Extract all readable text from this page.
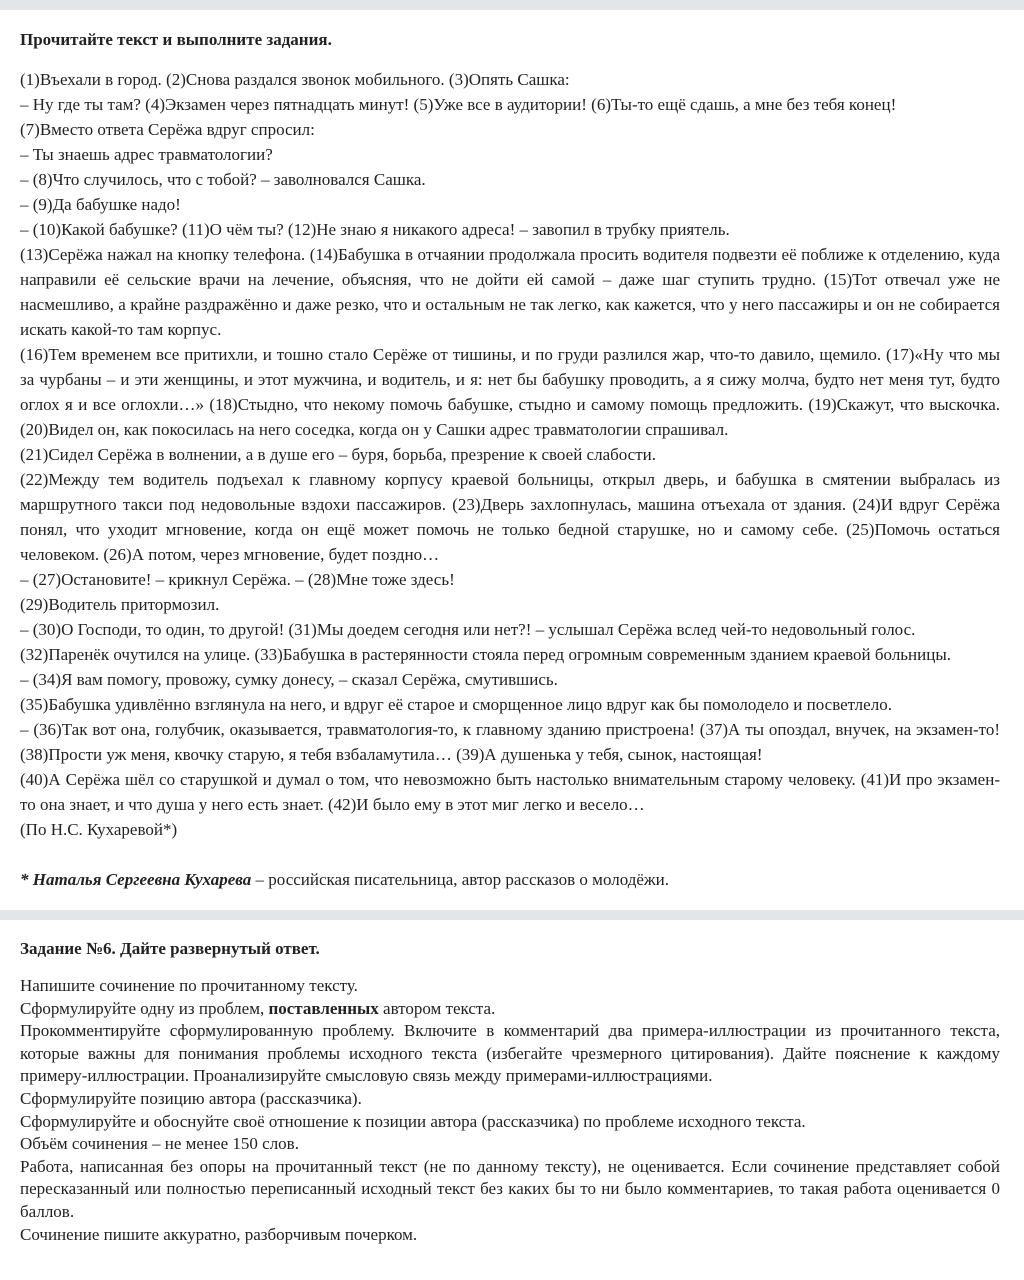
Прочитайте текст и выполните задания.

(1)Въехали в город. (2)Снова раздался звонок мобильного. (3)Опять Сашка:

– Ну где ты там? (4)Экзамен через пятнадцать минут! (5)Уже все в аудитории! (6)Ты-то ещё сдашь, а мне без тебя конец!

(7)Вместо ответа Серёжа вдруг спросил:

– Ты знаешь адрес травматологии?

– (8)Что случилось, что с тобой? – заволновался Сашка.

– (9)Да бабушке надо!

– (10)Какой бабушке? (11)О чём ты? (12)Не знаю я никакого адреса! – завопил в трубку приятель.

(13)Серёжа нажал на кнопку телефона. (14)Бабушка в отчаянии продолжала просить водителя подвезти её поближе к отделению, куда направили её сельские врачи на лечение, объясняя, что не дойти ей самой – даже шаг ступить трудно. (15)Тот отвечал уже не насмешливо, а крайне раздражённо и даже резко, что и остальным не так легко, как кажется, что у него пассажиры и он не собирается искать какой-то там корпус.

(16)Тем временем все притихли, и тошно стало Серёже от тишины, и по груди разлился жар, что-то давило, щемило. (17)«Ну что мы за чурбаны – и эти женщины, и этот мужчина, и водитель, и я: нет бы бабушку проводить, а я сижу молча, будто нет меня тут, будто оглох я и все оглохли…» (18)Стыдно, что некому помочь бабушке, стыдно и самому помощь предложить. (19)Скажут, что выскочка. (20)Видел он, как покосилась на него соседка, когда он у Сашки адрес травматологии спрашивал.

(21)Сидел Серёжа в волнении, а в душе его – буря, борьба, презрение к своей слабости.

(22)Между тем водитель подъехал к главному корпусу краевой больницы, открыл дверь, и бабушка в смятении выбралась из маршрутного такси под недовольные вздохи пассажиров. (23)Дверь захлопнулась, машина отъехала от здания. (24)И вдруг Серёжа понял, что уходит мгновение, когда он ещё может помочь не только бедной старушке, но и самому себе. (25)Помочь остаться человеком. (26)А потом, через мгновение, будет поздно…

– (27)Остановите! – крикнул Серёжа. – (28)Мне тоже здесь!

(29)Водитель притормозил.

– (30)О Господи, то один, то другой! (31)Мы доедем сегодня или нет?! – услышал Серёжа вслед чей-то недовольный голос.

(32)Паренёк очутился на улице. (33)Бабушка в растерянности стояла перед огромным современным зданием краевой больницы.

– (34)Я вам помогу, провожу, сумку донесу, – сказал Серёжа, смутившись.

(35)Бабушка удивлённо взглянула на него, и вдруг её старое и сморщенное лицо вдруг как бы помолодело и посветлело.

– (36)Так вот она, голубчик, оказывается, травматология-то, к главному зданию пристроена! (37)А ты опоздал, внучек, на экзамен-то! (38)Прости уж меня, квочку старую, я тебя взбаламутила… (39)А душенька у тебя, сынок, настоящая!

(40)А Серёжа шёл со старушкой и думал о том, что невозможно быть настолько внимательным старому человеку. (41)И про экзамен-то она знает, и что душа у него есть знает. (42)И было ему в этот миг легко и весело…

(По Н.С. Кухаревой*)

* Наталья Сергеевна Кухарева – российская писательница, автор рассказов о молодёжи.
Задание №6. Дайте развернутый ответ.

Напишите сочинение по прочитанному тексту.

Сформулируйте одну из проблем, поставленных автором текста.

Прокомментируйте сформулированную проблему. Включите в комментарий два примера-иллюстрации из прочитанного текста, которые важны для понимания проблемы исходного текста (избегайте чрезмерного цитирования). Дайте пояснение к каждому примеру-иллюстрации. Проанализируйте смысловую связь между примерами-иллюстрациями.

Сформулируйте позицию автора (рассказчика).

Сформулируйте и обоснуйте своё отношение к позиции автора (рассказчика) по проблеме исходного текста.

Объём сочинения – не менее 150 слов.

Работа, написанная без опоры на прочитанный текст (не по данному тексту), не оценивается. Если сочинение представляет собой пересказанный или полностью переписанный исходный текст без каких бы то ни было комментариев, то такая работа оценивается 0 баллов.

Сочинение пишите аккуратно, разборчивым почерком.
